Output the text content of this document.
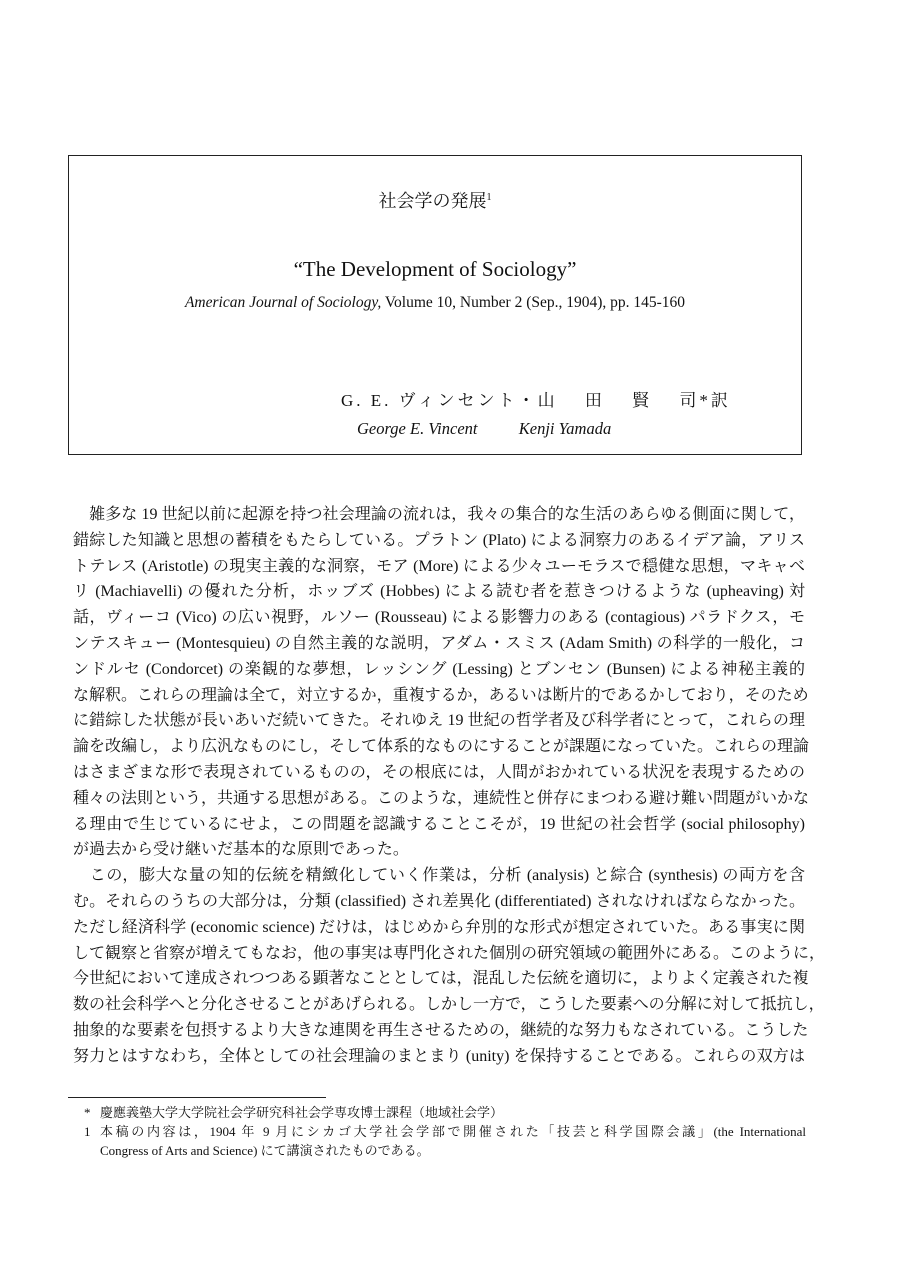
社会学の発展$^1$
“The Development of Sociology”
American Journal of Sociology, Volume 10, Number 2 (Sep., 1904), pp. 145-160
G. E. ヴィンセント・山　 田　 賢　 司*訳
George E. Vincent	Kenji Yamada
　雑多な 19 世紀以前に起源を持つ社会理論の流れは，我々の集合的な生活のあらゆる側面に関して，
錯綜した知識と思想の蓄積をもたらしている。プラトン (Plato) による洞察力のあるイデア論，アリス
トテレス (Aristotle) の現実主義的な洞察，モア (More) による少々ユーモラスで穏健な思想，マキャベ
リ (Machiavelli) の優れた分析，ホッブズ (Hobbes) による読む者を惹きつけるような (upheaving) 対
話，ヴィーコ (Vico) の広い視野，ルソー (Rousseau) による影響力のある (contagious) パラドクス，モ
ンテスキュー (Montesquieu) の自然主義的な説明，アダム・スミス (Adam Smith) の科学的一般化，コ
ンドルセ (Condorcet) の楽観的な夢想，レッシング (Lessing) とブンセン (Bunsen) による神秘主義的
な解釈。これらの理論は全て，対立するか，重複するか，あるいは断片的であるかしており，そのため
に錯綜した状態が長いあいだ続いてきた。それゆえ 19 世紀の哲学者及び科学者にとって，これらの理
論を改編し，より広汎なものにし，そして体系的なものにすることが課題になっていた。これらの理論
はさまざまな形で表現されているものの，その根底には，人間がおかれている状況を表現するための
種々の法則という，共通する思想がある。このような，連続性と併存にまつわる避け難い問題がいかな
る理由で生じているにせよ，この問題を認識することこそが，19 世紀の社会哲学 (social philosophy)
が過去から受け継いだ基本的な原則であった。
　この，膨大な量の知的伝統を精緻化していく作業は，分析 (analysis) と綜合 (synthesis) の両方を含
む。それらのうちの大部分は，分類 (classified) され差異化 (differentiated) されなければならなかった。
ただし経済科学 (economic science) だけは，はじめから弁別的な形式が想定されていた。ある事実に関
して観察と省察が増えてもなお，他の事実は専門化された個別の研究領域の範囲外にある。このように，
今世紀において達成されつつある顕著なこととしては，混乱した伝統を適切に，よりよく定義された複
数の社会科学へと分化させることがあげられる。しかし一方で，こうした要素への分解に対して抵抗し，
抽象的な要素を包摂するより大きな連関を再生させるための，継続的な努力もなされている。こうした
努力とはすなわち，全体としての社会理論のまとまり (unity) を保持することである。これらの双方は
* 慶應義塾大学大学院社会学研究科社会学専攻博士課程（地域社会学）
1 本稿の内容は，1904 年 9 月にシカゴ大学社会学部で開催された「技芸と科学国際会議」(the International
Congress of Arts and Science) にて講演されたものである。
